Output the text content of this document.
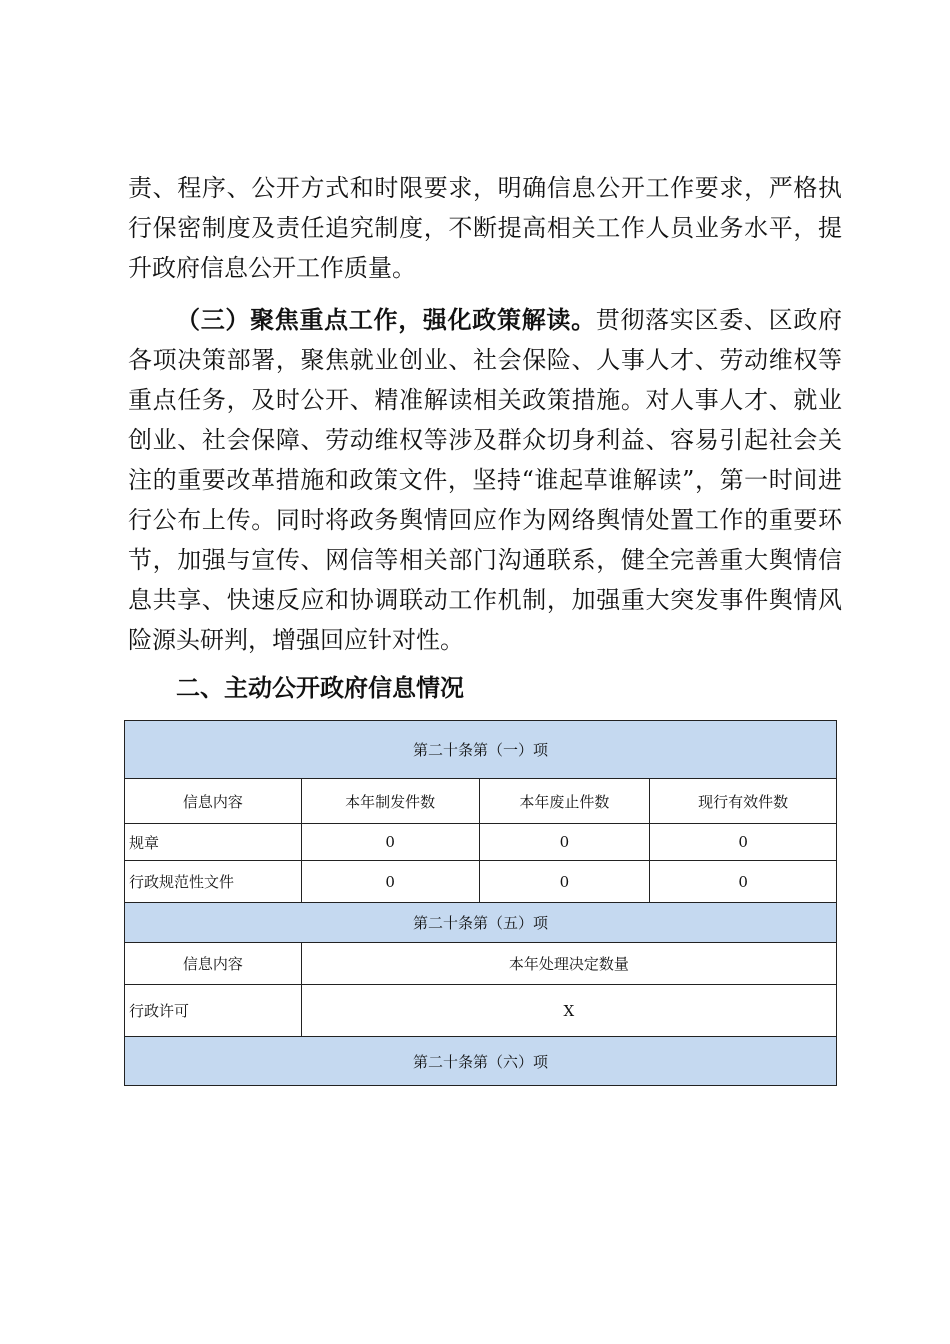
责、程序、公开方式和时限要求，明确信息公开工作要求，严格执行保密制度及责任追究制度，不断提高相关工作人员业务水平，提升政府信息公开工作质量。

（三）聚焦重点工作，强化政策解读。贯彻落实区委、区政府各项决策部署，聚焦就业创业、社会保险、人事人才、劳动维权等重点任务，及时公开、精准解读相关政策措施。对人事人才、就业创业、社会保障、劳动维权等涉及群众切身利益、容易引起社会关注的重要改革措施和政策文件，坚持“谁起草谁解读”，第一时间进行公布上传。同时将政务舆情回应作为网络舆情处置工作的重要环节，加强与宣传、网信等相关部门沟通联系，健全完善重大舆情信息共享、快速反应和协调联动工作机制，加强重大突发事件舆情风险源头研判，增强回应针对性。

二、主动公开政府信息情况
第二十条第（一）项			
信息内容	本年制发件数	本年废止件数	现行有效件数
规章	0	0	0
行政规范性文件	0	0	0
第二十条第（五）项			
信息内容	本年处理决定数量		
行政许可	X		
第二十条第（六）项			
